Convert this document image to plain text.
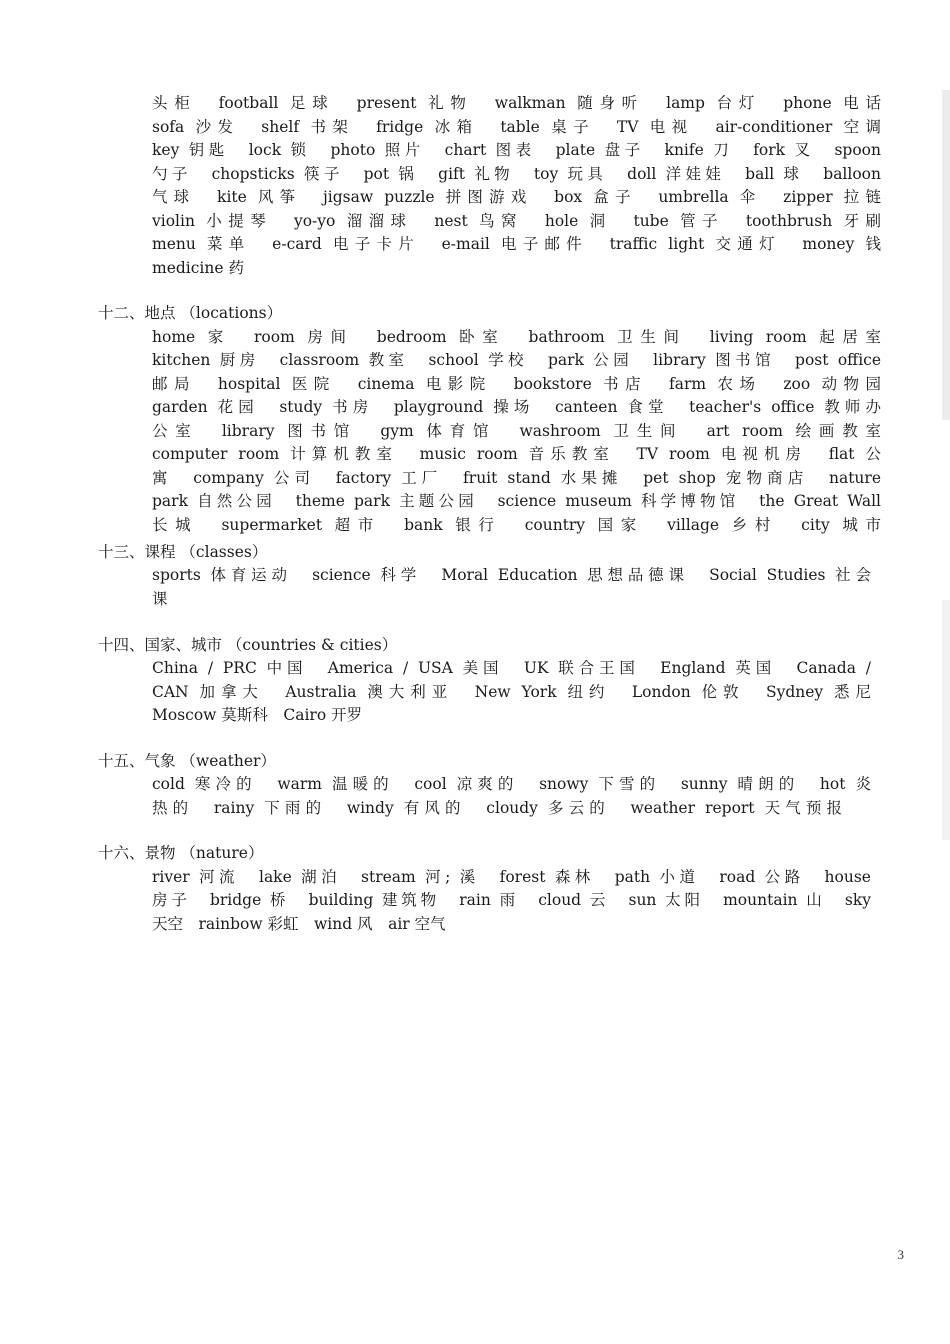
头柜　football 足球　present 礼物　walkman 随身听　lamp 台灯　phone 电话
sofa 沙发　shelf 书架　fridge 冰箱　table 桌子　TV 电视　air-conditioner 空调
key 钥匙　lock 锁　photo 照片　chart 图表　plate 盘子　knife 刀　fork 叉　spoon
勺子　chopsticks 筷子　pot 锅　gift 礼物　toy 玩具　doll 洋娃娃　ball 球　balloon
气球　kite 风筝　jigsaw puzzle 拼图游戏　box 盒子　umbrella 伞　zipper 拉链
violin 小提琴　yo-yo 溜溜球　nest 鸟窝　hole 洞　tube 管子　toothbrush 牙刷
menu 菜单　e-card 电子卡片　e-mail 电子邮件　traffic light 交通灯　money 钱
medicine 药
十二、地点 （locations）
home 家　room 房间　bedroom 卧室　bathroom 卫生间　living room 起居室
kitchen 厨房　classroom 教室　school 学校　park 公园　library 图书馆　post office
邮局　hospital 医院　cinema 电影院　bookstore 书店　farm 农场　zoo 动物园
garden 花园　study 书房　playground 操场　canteen 食堂　teacher's office 教师办
公室　library 图书馆　gym 体育馆　washroom 卫生间　art room 绘画教室
computer room 计算机教室　music room 音乐教室　TV room 电视机房　flat 公
寓　company 公司　factory 工厂　fruit stand 水果摊　pet shop 宠物商店　nature
park 自然公园　theme park 主题公园　science museum 科学博物馆　the Great Wall
长城　supermarket 超市　bank 银行　country 国家　village 乡村　city 城市
十三、课程 （classes）
sports 体育运动　science 科学　Moral Education 思想品德课　Social Studies 社会
课
十四、国家、城市 （countries & cities）
China / PRC 中国　America / USA 美国　UK 联合王国　England 英国　Canada /
CAN 加拿大　Australia 澳大利亚　New York 纽约　London 伦敦　Sydney 悉尼
Moscow 莫斯科　Cairo 开罗
十五、气象 （weather）
cold 寒冷的　warm 温暖的　cool 凉爽的　snowy 下雪的　sunny 晴朗的　hot 炎
热的　rainy 下雨的　windy 有风的　cloudy 多云的　weather report 天气预报
十六、景物 （nature）
river 河流　lake 湖泊　stream 河; 溪　forest 森林　path 小道　road 公路　house
房子　bridge 桥　building 建筑物　rain 雨　cloud 云　sun 太阳　mountain 山　sky
天空　rainbow 彩虹　wind 风　air 空气
3
